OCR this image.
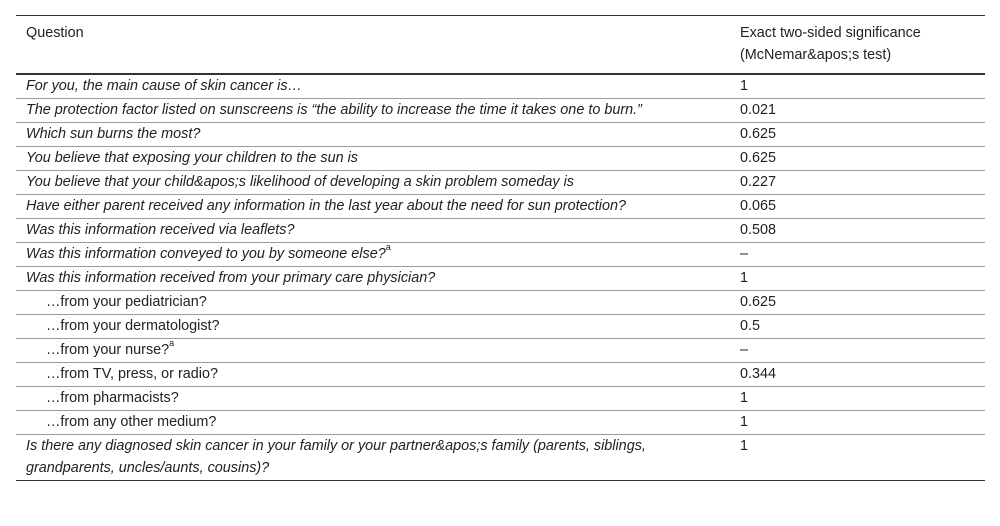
Question	Exact two-sided significance
(McNemar&apos;s test)
For you, the main cause of skin cancer is…	1
The protection factor listed on sunscreens is “the ability to increase the time it takes one to burn.”	0.021
Which sun burns the most?	0.625
You believe that exposing your children to the sun is	0.625
You believe that your child&apos;s likelihood of developing a skin problem someday is	0.227
Have either parent received any information in the last year about the need for sun protection?	0.065
Was this information received via leaflets?	0.508
Was this information conveyed to you by someone else?$^a$	–
Was this information received from your primary care physician?	1
…from your pediatrician?	0.625
…from your dermatologist?	0.5
…from your nurse?$^a$	–
…from TV, press, or radio?	0.344
…from pharmacists?	1
…from any other medium?	1
Is there any diagnosed skin cancer in your family or your partner&apos;s family (parents, siblings, grandparents, uncles/aunts, cousins)?	1
